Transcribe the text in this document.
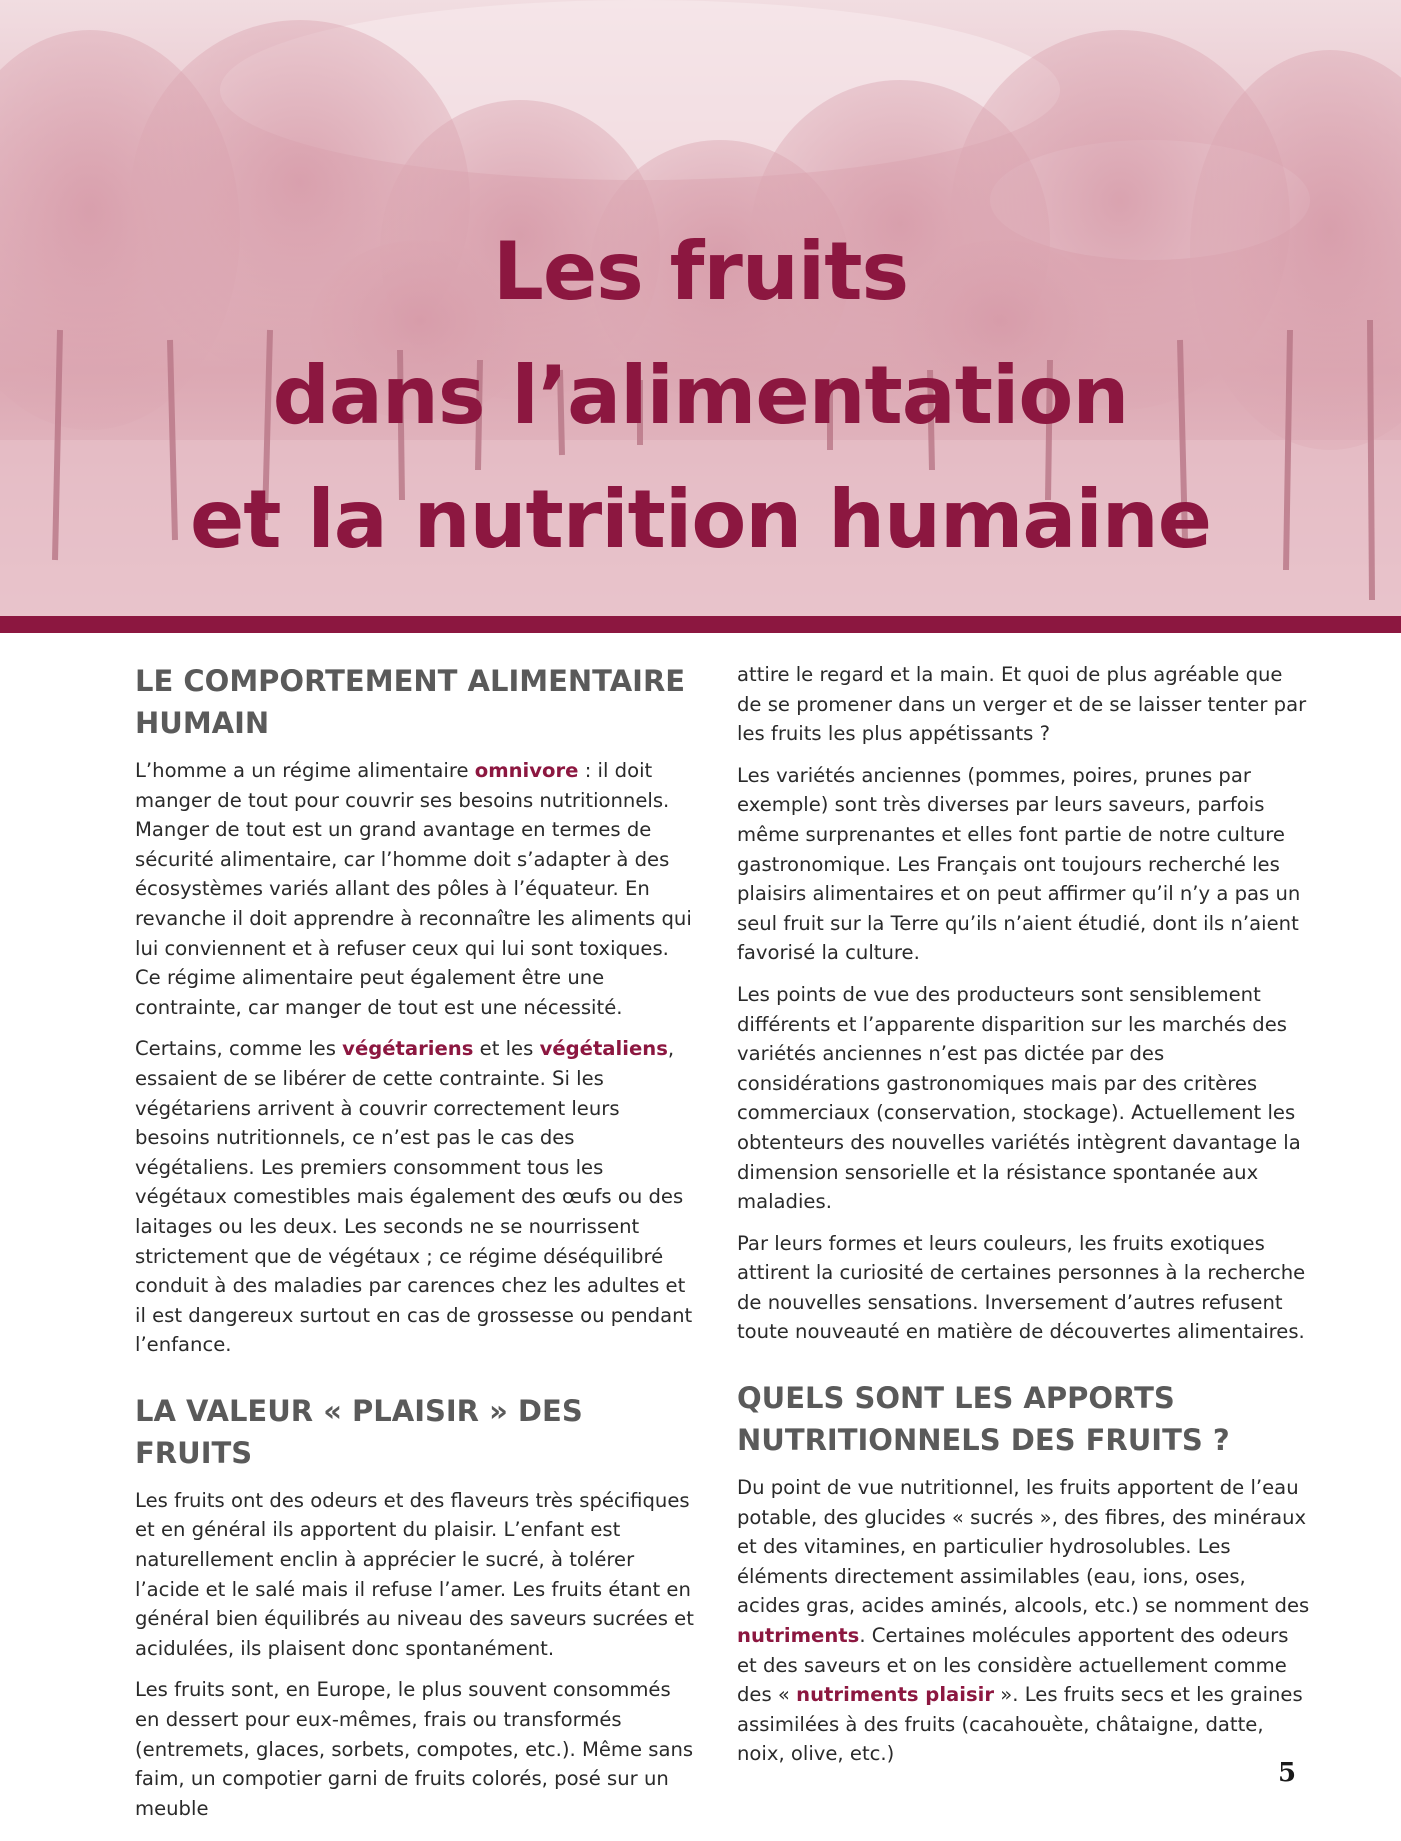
Les fruits
dans l’alimentation
et la nutrition humaine
LE COMPORTEMENT ALIMENTAIRE HUMAIN

L’homme a un régime alimentaire omnivore : il doit manger de tout pour couvrir ses besoins nutritionnels. Manger de tout est un grand avantage en termes de sécurité alimentaire, car l’homme doit s’adapter à des écosystèmes variés allant des pôles à l’équateur. En revanche il doit apprendre à reconnaître les aliments qui lui conviennent et à refuser ceux qui lui sont toxiques. Ce régime alimentaire peut également être une contrainte, car manger de tout est une nécessité.

Certains, comme les végétariens et les végétaliens, essaient de se libérer de cette contrainte. Si les végétariens arrivent à couvrir correctement leurs besoins nutritionnels, ce n’est pas le cas des végétaliens. Les premiers consomment tous les végétaux comestibles mais également des œufs ou des laitages ou les deux. Les seconds ne se nourrissent strictement que de végétaux ; ce régime déséquilibré conduit à des maladies par carences chez les adultes et il est dangereux surtout en cas de grossesse ou pendant l’enfance.

LA VALEUR « PLAISIR » DES FRUITS

Les fruits ont des odeurs et des flaveurs très spécifiques et en général ils apportent du plaisir. L’enfant est naturellement enclin à apprécier le sucré, à tolérer l’acide et le salé mais il refuse l’amer. Les fruits étant en général bien équilibrés au niveau des saveurs sucrées et acidulées, ils plaisent donc spontanément.

Les fruits sont, en Europe, le plus souvent consommés en dessert pour eux-mêmes, frais ou transformés (entremets, glaces, sorbets, compotes, etc.). Même sans faim, un compotier garni de fruits colorés, posé sur un meuble

attire le regard et la main. Et quoi de plus agréable que de se promener dans un verger et de se laisser tenter par les fruits les plus appétissants ?

Les variétés anciennes (pommes, poires, prunes par exemple) sont très diverses par leurs saveurs, parfois même surprenantes et elles font partie de notre culture gastronomique. Les Français ont toujours recherché les plaisirs alimentaires et on peut affirmer qu’il n’y a pas un seul fruit sur la Terre qu’ils n’aient étudié, dont ils n’aient favorisé la culture.

Les points de vue des producteurs sont sensiblement différents et l’apparente disparition sur les marchés des variétés anciennes n’est pas dictée par des considérations gastronomiques mais par des critères commerciaux (conservation, stockage). Actuellement les obtenteurs des nouvelles variétés intègrent davantage la dimension sensorielle et la résistance spontanée aux maladies.

Par leurs formes et leurs couleurs, les fruits exotiques attirent la curiosité de certaines personnes à la recherche de nouvelles sensations. Inversement d’autres refusent toute nouveauté en matière de découvertes alimentaires.

QUELS SONT LES APPORTS NUTRITIONNELS DES FRUITS ?

Du point de vue nutritionnel, les fruits apportent de l’eau potable, des glucides « sucrés », des fibres, des minéraux et des vitamines, en particulier hydrosolubles. Les éléments directement assimilables (eau, ions, oses, acides gras, acides aminés, alcools, etc.) se nomment des nutriments. Certaines molécules apportent des odeurs et des saveurs et on les considère actuellement comme des « nutriments plaisir ». Les fruits secs et les graines assimilées à des fruits (cacahouète, châtaigne, datte, noix, olive, etc.)

5
